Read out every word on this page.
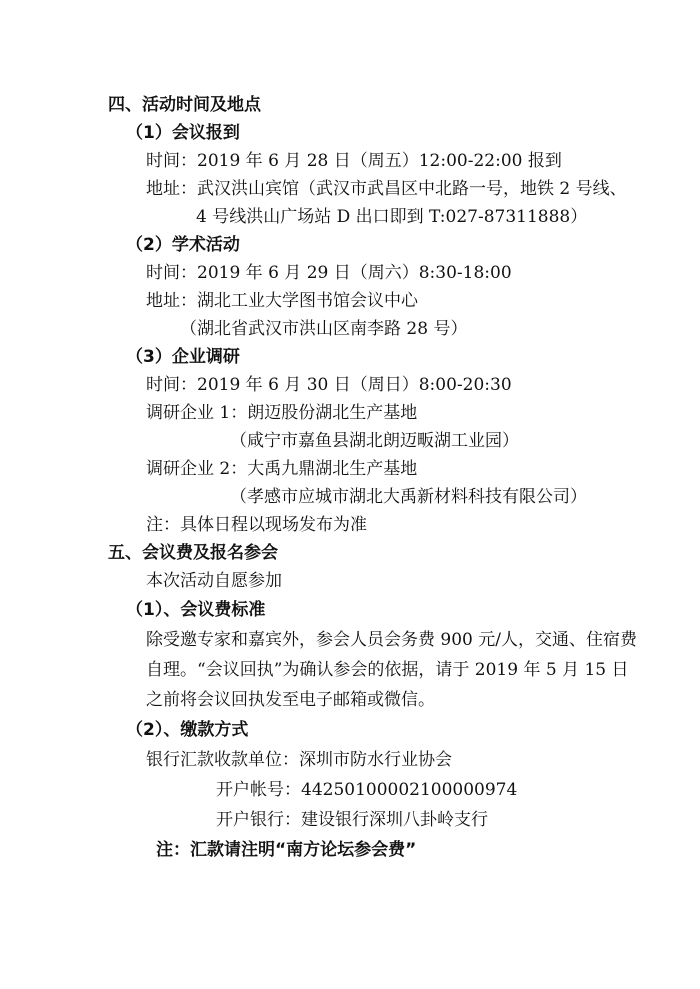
四、活动时间及地点
（1）会议报到
时间：2019 年 6 月 28 日（周五）12:00-22:00 报到
地址：武汉洪山宾馆（武汉市武昌区中北路一号，地铁 2 号线、
4 号线洪山广场站 D 出口即到 T:027-87311888）
（2）学术活动
时间：2019 年 6 月 29 日（周六）8:30-18:00
地址：湖北工业大学图书馆会议中心
（湖北省武汉市洪山区南李路 28 号）
（3）企业调研
时间：2019 年 6 月 30 日（周日）8:00-20:30
调研企业 1：朗迈股份湖北生产基地
（咸宁市嘉鱼县湖北朗迈畈湖工业园）
调研企业 2：大禹九鼎湖北生产基地
（孝感市应城市湖北大禹新材料科技有限公司）
注：具体日程以现场发布为准
五、会议费及报名参会
本次活动自愿参加
（1）、会议费标准
除受邀专家和嘉宾外，参会人员会务费 900 元/人，交通、住宿费
自理。“会议回执”为确认参会的依据，请于 2019 年 5 月 15 日
之前将会议回执发至电子邮箱或微信。
（2）、缴款方式
银行汇款收款单位：深圳市防水行业协会
开户帐号：44250100002100000974
开户银行：建设银行深圳八卦岭支行
注：汇款请注明“南方论坛参会费”
